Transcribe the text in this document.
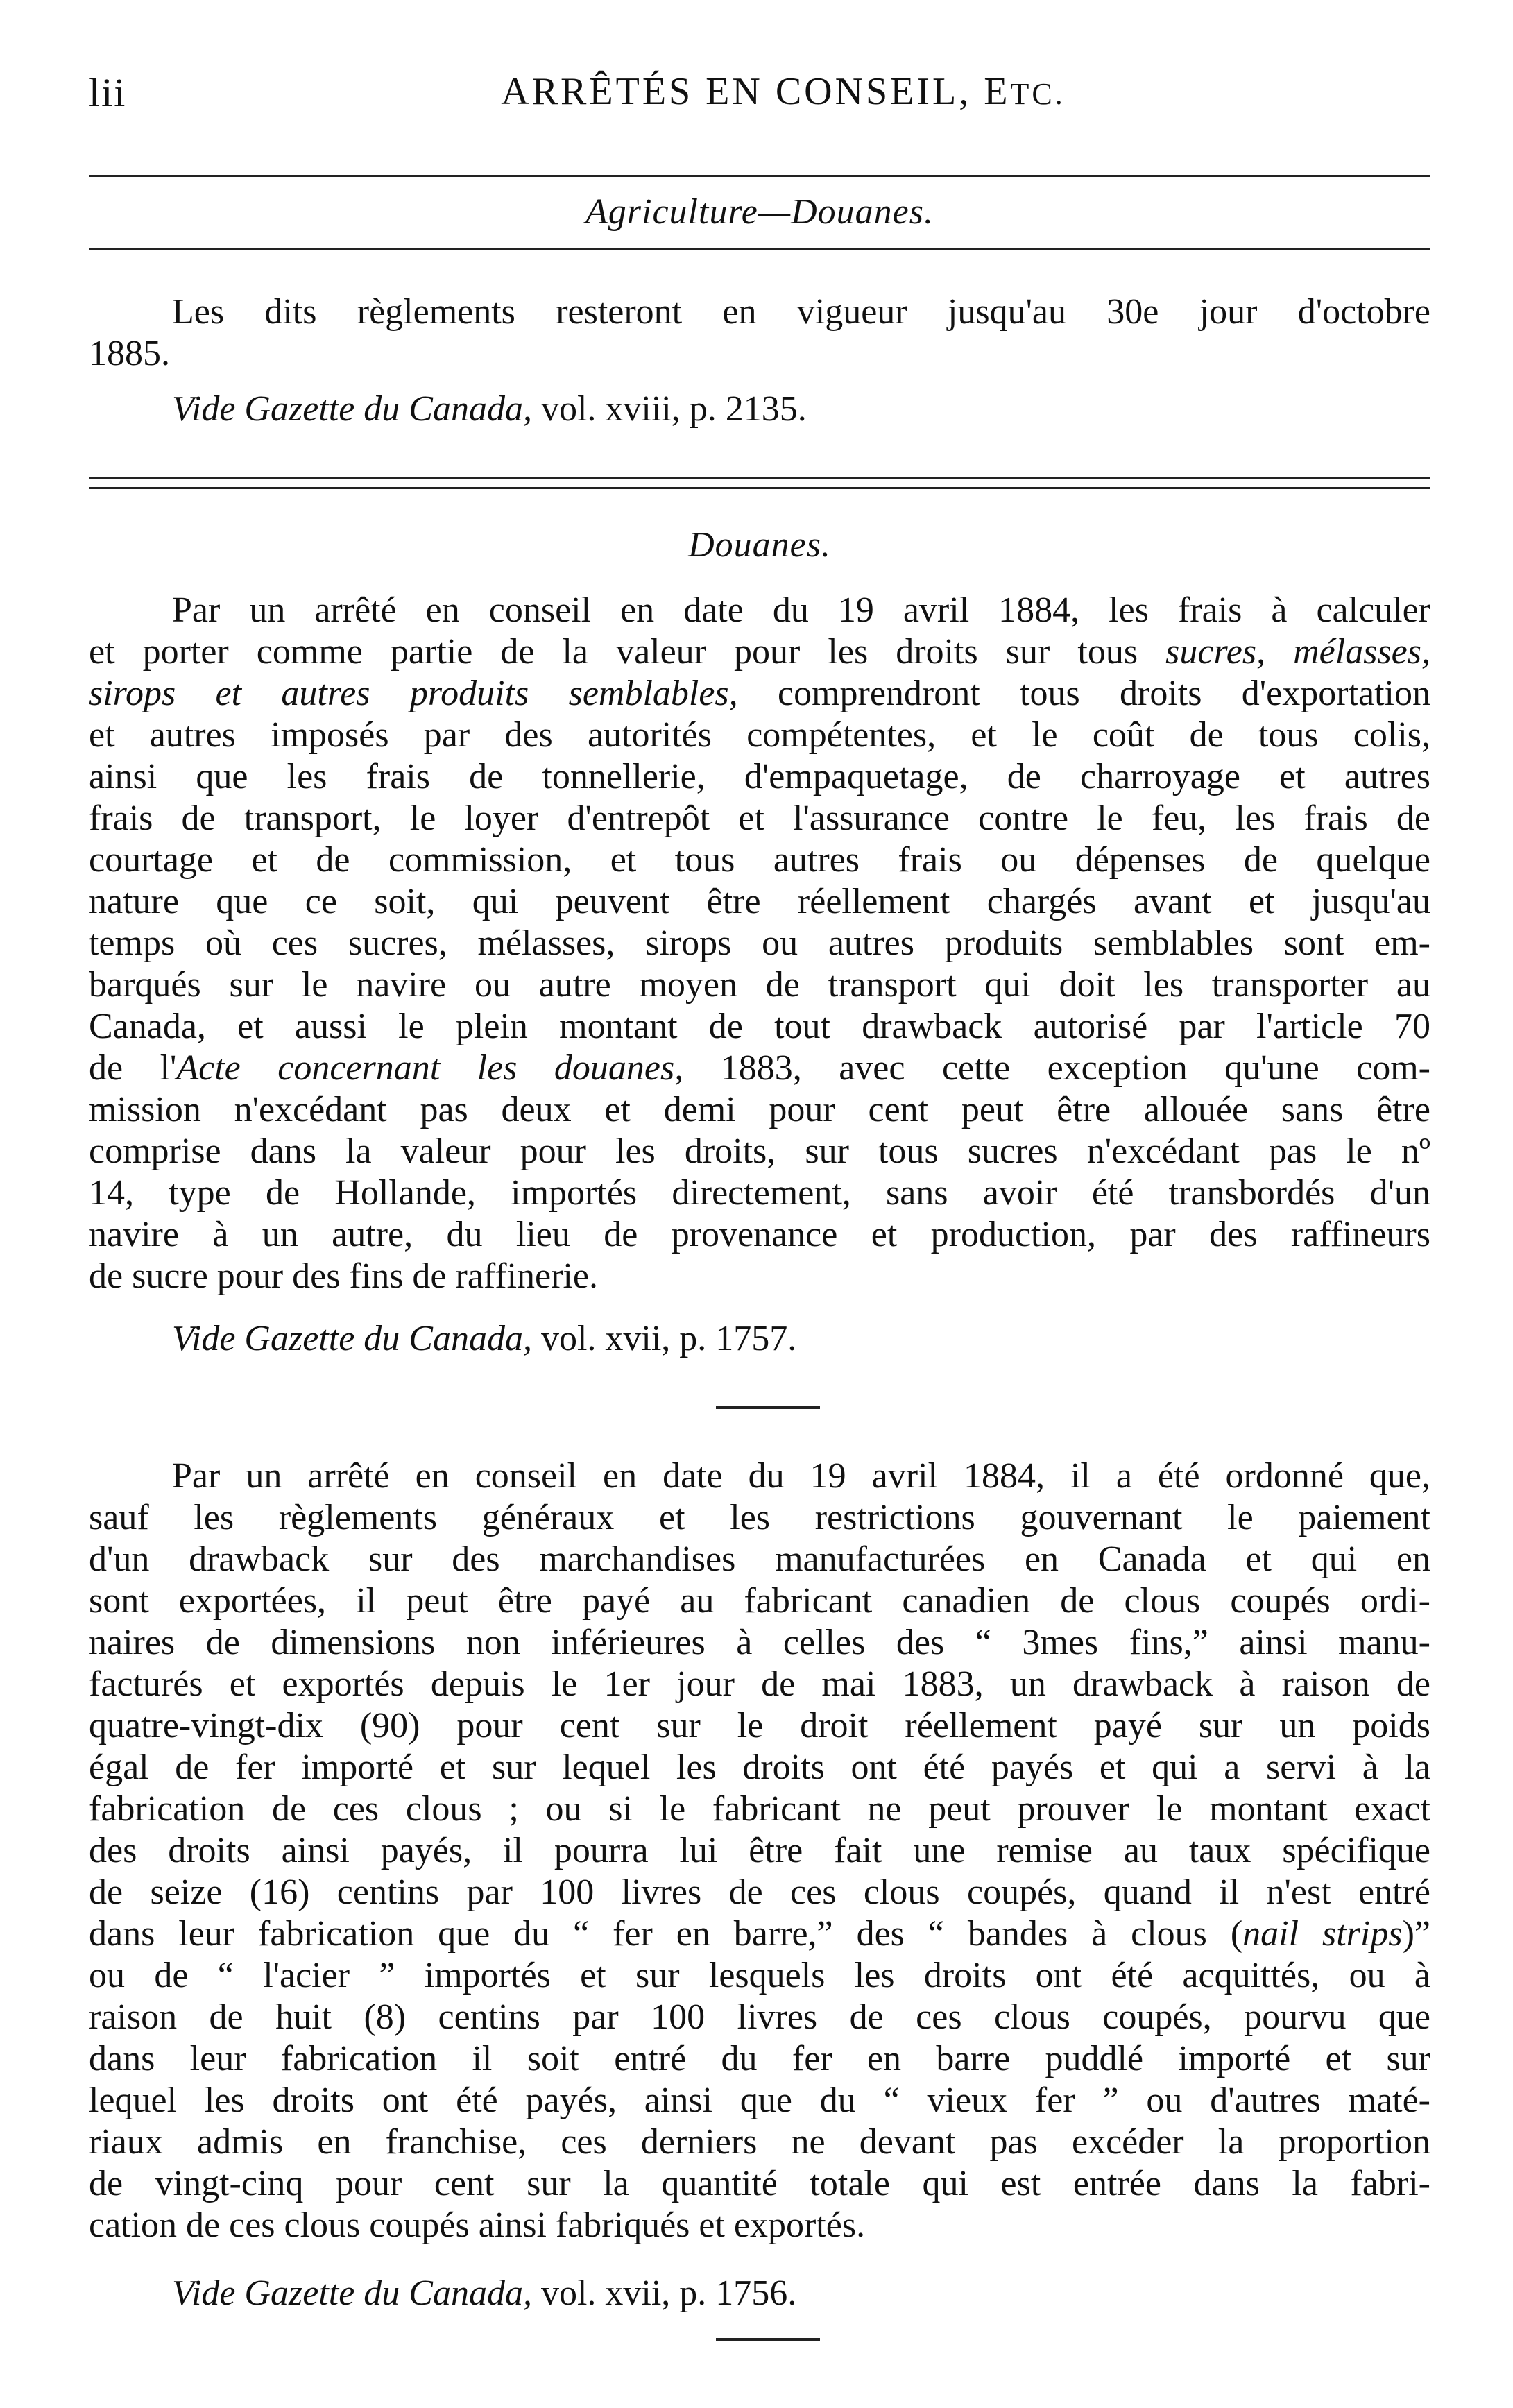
lii	ARRÊTÉS EN CONSEIL, ETC.
Agriculture—Douanes.
Les dits règlements resteront en vigueur jusqu'au 30e jour d'octobre
1885.
Vide Gazette du Canada, vol. xviii, p. 2135.
Douanes.
Par un arrêté en conseil en date du 19 avril 1884, les frais à calculer
et porter comme partie de la valeur pour les droits sur tous sucres, mélasses,
sirops et autres produits semblables, comprendront tous droits d'exportation
et autres imposés par des autorités compétentes, et le coût de tous colis,
ainsi que les frais de tonnellerie, d'empaquetage, de charroyage et autres
frais de transport, le loyer d'entrepôt et l'assurance contre le feu, les frais de
courtage et de commission, et tous autres frais ou dépenses de quelque
nature que ce soit, qui peuvent être réellement chargés avant et jusqu'au
temps où ces sucres, mélasses, sirops ou autres produits semblables sont em-
barqués sur le navire ou autre moyen de transport qui doit les transporter au
Canada, et aussi le plein montant de tout drawback autorisé par l'article 70
de l'Acte concernant les douanes, 1883, avec cette exception qu'une com-
mission n'excédant pas deux et demi pour cent peut être allouée sans être
comprise dans la valeur pour les droits, sur tous sucres n'excédant pas le nº
14, type de Hollande, importés directement, sans avoir été transbordés d'un
navire à un autre, du lieu de provenance et production, par des raffineurs
de sucre pour des fins de raffinerie.
Vide Gazette du Canada, vol. xvii, p. 1757.
Par un arrêté en conseil en date du 19 avril 1884, il a été ordonné que,
sauf les règlements généraux et les restrictions gouvernant le paiement
d'un drawback sur des marchandises manufacturées en Canada et qui en
sont exportées, il peut être payé au fabricant canadien de clous coupés ordi-
naires de dimensions non inférieures à celles des “ 3mes fins,” ainsi manu-
facturés et exportés depuis le 1er jour de mai 1883, un drawback à raison de
quatre-vingt-dix (90) pour cent sur le droit réellement payé sur un poids
égal de fer importé et sur lequel les droits ont été payés et qui a servi à la
fabrication de ces clous ; ou si le fabricant ne peut prouver le montant exact
des droits ainsi payés, il pourra lui être fait une remise au taux spécifique
de seize (16) centins par 100 livres de ces clous coupés, quand il n'est entré
dans leur fabrication que du “ fer en barre,” des “ bandes à clous (nail strips)”
ou de “ l'acier ” importés et sur lesquels les droits ont été acquittés, ou à
raison de huit (8) centins par 100 livres de ces clous coupés, pourvu que
dans leur fabrication il soit entré du fer en barre puddlé importé et sur
lequel les droits ont été payés, ainsi que du “ vieux fer ” ou d'autres maté-
riaux admis en franchise, ces derniers ne devant pas excéder la proportion
de vingt-cinq pour cent sur la quantité totale qui est entrée dans la fabri-
cation de ces clous coupés ainsi fabriqués et exportés.
Vide Gazette du Canada, vol. xvii, p. 1756.
